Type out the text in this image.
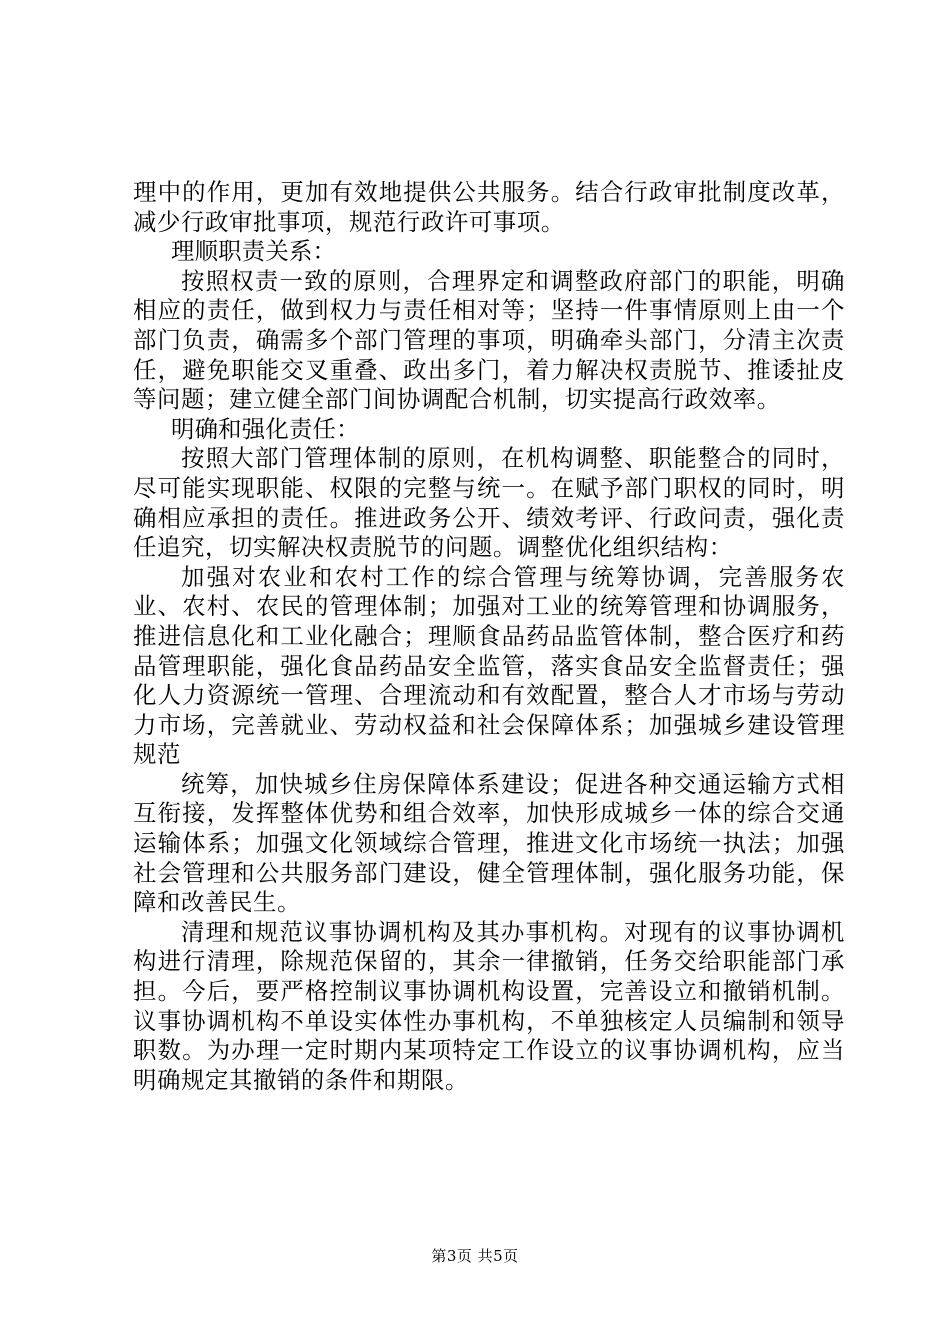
理中的作用，更加有效地提供公共服务。结合行政审批制度改革，减少行政审批事项，规范行政许可事项。

理顺职责关系：

按照权责一致的原则，合理界定和调整政府部门的职能，明确相应的责任，做到权力与责任相对等；坚持一件事情原则上由一个部门负责，确需多个部门管理的事项，明确牵头部门，分清主次责任，避免职能交叉重叠、政出多门，着力解决权责脱节、推诿扯皮等问题；建立健全部门间协调配合机制，切实提高行政效率。

明确和强化责任：

按照大部门管理体制的原则，在机构调整、职能整合的同时，尽可能实现职能、权限的完整与统一。在赋予部门职权的同时，明确相应承担的责任。推进政务公开、绩效考评、行政问责，强化责任追究，切实解决权责脱节的问题。调整优化组织结构：

加强对农业和农村工作的综合管理与统筹协调，完善服务农业、农村、农民的管理体制；加强对工业的统筹管理和协调服务，推进信息化和工业化融合；理顺食品药品监管体制，整合医疗和药品管理职能，强化食品药品安全监管，落实食品安全监督责任；强化人力资源统一管理、合理流动和有效配置，整合人才市场与劳动力市场，完善就业、劳动权益和社会保障体系；加强城乡建设管理规范

统筹，加快城乡住房保障体系建设；促进各种交通运输方式相互衔接，发挥整体优势和组合效率，加快形成城乡一体的综合交通运输体系；加强文化领域综合管理，推进文化市场统一执法；加强社会管理和公共服务部门建设，健全管理体制，强化服务功能，保障和改善民生。

清理和规范议事协调机构及其办事机构。对现有的议事协调机构进行清理，除规范保留的，其余一律撤销，任务交给职能部门承担。今后，要严格控制议事协调机构设置，完善设立和撤销机制。议事协调机构不单设实体性办事机构，不单独核定人员编制和领导职数。为办理一定时期内某项特定工作设立的议事协调机构，应当明确规定其撤销的条件和期限。

第3页 共5页
